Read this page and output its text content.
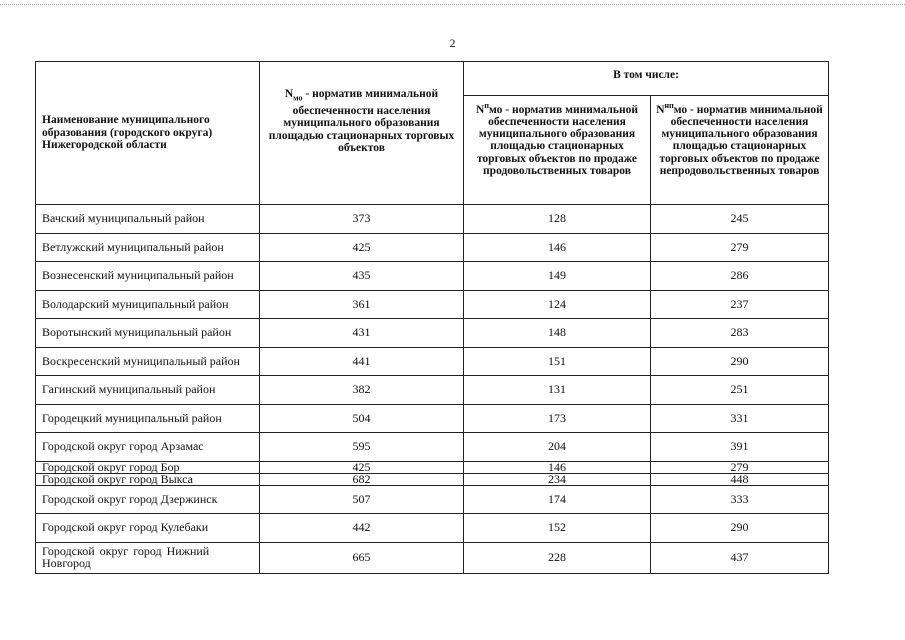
2
Наименование муниципального образования (городского округа) Нижегородской области	$N_{мо}$ - норматив минимальной обеспеченности населения муниципального образования площадью стационарных торговых объектов	В том числе:	
		$N^пмо$ - норматив минимальной обеспеченности населения муниципального образования площадью стационарных торговых объектов по продаже продовольственных товаров	$N^{нп}мо$ - норматив минимальной обеспеченности населения муниципального образования площадью стационарных торговых объектов по продаже непродовольственных товаров
Вачский муниципальный район	373	128	245
Ветлужский муниципальный район	425	146	279
Вознесенский муниципальный район	435	149	286
Володарский муниципальный район	361	124	237
Воротынский муниципальный район	431	148	283
Воскресенский муниципальный район	441	151	290
Гагинский муниципальный район	382	131	251
Городецкий муниципальный район	504	173	331
Городской округ город Арзамас	595	204	391
Городской округ город Бор	425	146	279
Городской округ город Выкса	682	234	448
Городской округ город Дзержинск	507	174	333
Городской округ город Кулебаки	442	152	290
Городской округ город Нижний Новгород	665	228	437
